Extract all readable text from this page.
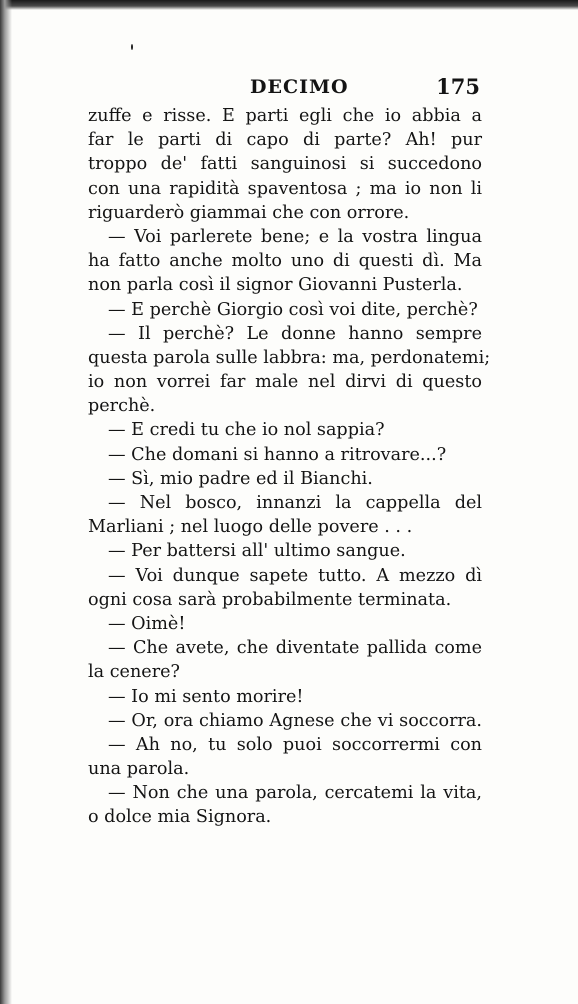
DECIMO	175
zuffe e risse. E parti egli che io abbia a
far le parti di capo di parte? Ah! pur
troppo de' fatti sanguinosi si succedono
con una rapidità spaventosa ; ma io non li
riguarderò giammai che con orrore.
— Voi parlerete bene; e la vostra lingua
ha fatto anche molto uno di questi dì. Ma
non parla così il signor Giovanni Pusterla.
— E perchè Giorgio così voi dite, perchè?
— Il perchè? Le donne hanno sempre
questa parola sulle labbra: ma, perdonatemi;
io non vorrei far male nel dirvi di questo
perchè.
— E credi tu che io nol sappia?
— Che domani si hanno a ritrovare...?
— Sì, mio padre ed il Bianchi.
— Nel bosco, innanzi la cappella del
Marliani ; nel luogo delle povere . . .
— Per battersi all' ultimo sangue.
— Voi dunque sapete tutto. A mezzo dì
ogni cosa sarà probabilmente terminata.
— Oimè!
— Che avete, che diventate pallida come
la cenere?
— Io mi sento morire!
— Or, ora chiamo Agnese che vi soccorra.
— Ah no, tu solo puoi soccorrermi con
una parola.
— Non che una parola, cercatemi la vita,
o dolce mia Signora.
